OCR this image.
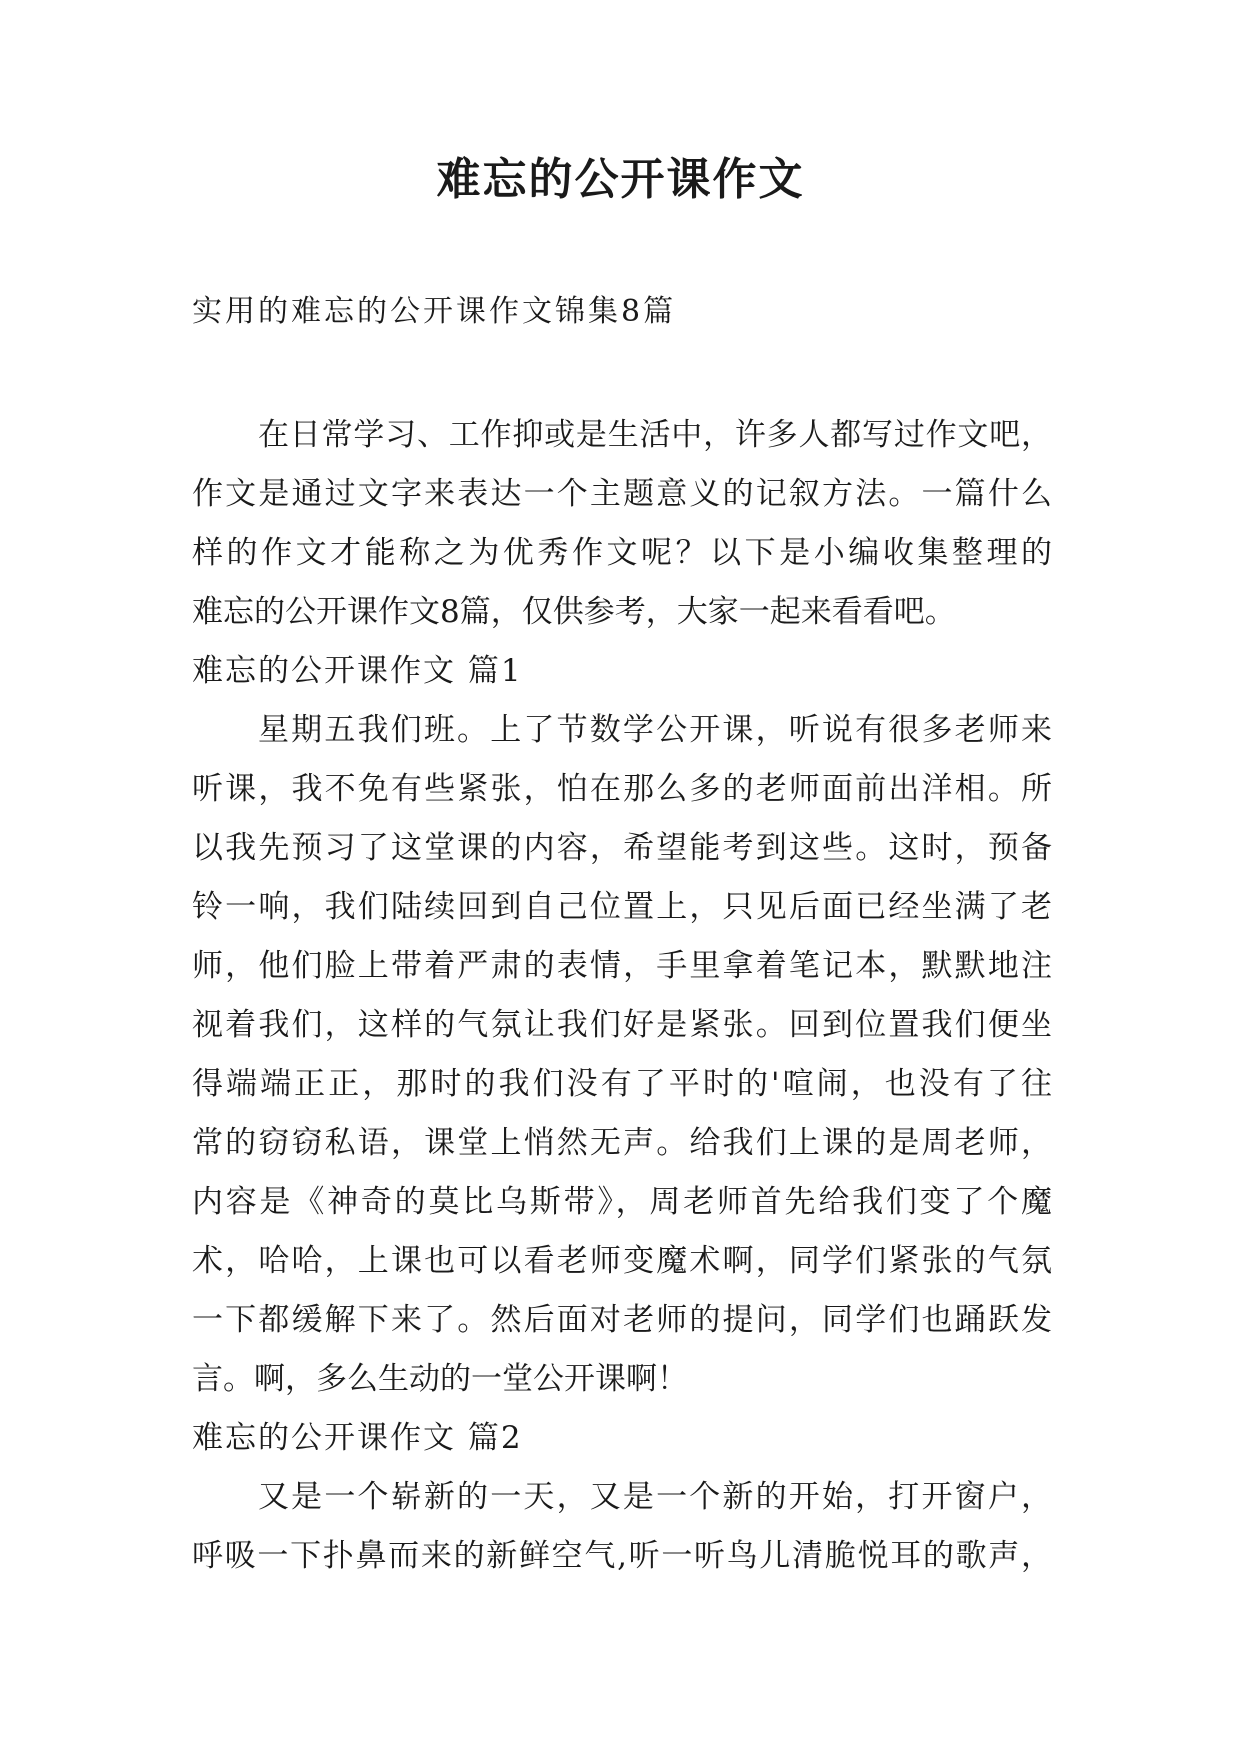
难忘的公开课作文
实用的难忘的公开课作文锦集8篇
在日常学习、工作抑或是生活中，许多人都写过作文吧，
作文是通过文字来表达一个主题意义的记叙方法。一篇什么
样的作文才能称之为优秀作文呢？以下是小编收集整理的
难忘的公开课作文8篇，仅供参考，大家一起来看看吧。
难忘的公开课作文 篇1
星期五我们班。上了节数学公开课，听说有很多老师来
听课，我不免有些紧张，怕在那么多的老师面前出洋相。所
以我先预习了这堂课的内容，希望能考到这些。这时，预备
铃一响，我们陆续回到自己位置上，只见后面已经坐满了老
师，他们脸上带着严肃的表情，手里拿着笔记本，默默地注
视着我们，这样的气氛让我们好是紧张。回到位置我们便坐
得端端正正，那时的我们没有了平时的'喧闹，也没有了往
常的窃窃私语，课堂上悄然无声。给我们上课的是周老师，
内容是《神奇的莫比乌斯带》，周老师首先给我们变了个魔
术，哈哈，上课也可以看老师变魔术啊，同学们紧张的气氛
一下都缓解下来了。然后面对老师的提问，同学们也踊跃发
言。啊，多么生动的一堂公开课啊！
难忘的公开课作文 篇2
又是一个崭新的一天，又是一个新的开始，打开窗户，
呼吸一下扑鼻而来的新鲜空气,听一听鸟儿清脆悦耳的歌声，
